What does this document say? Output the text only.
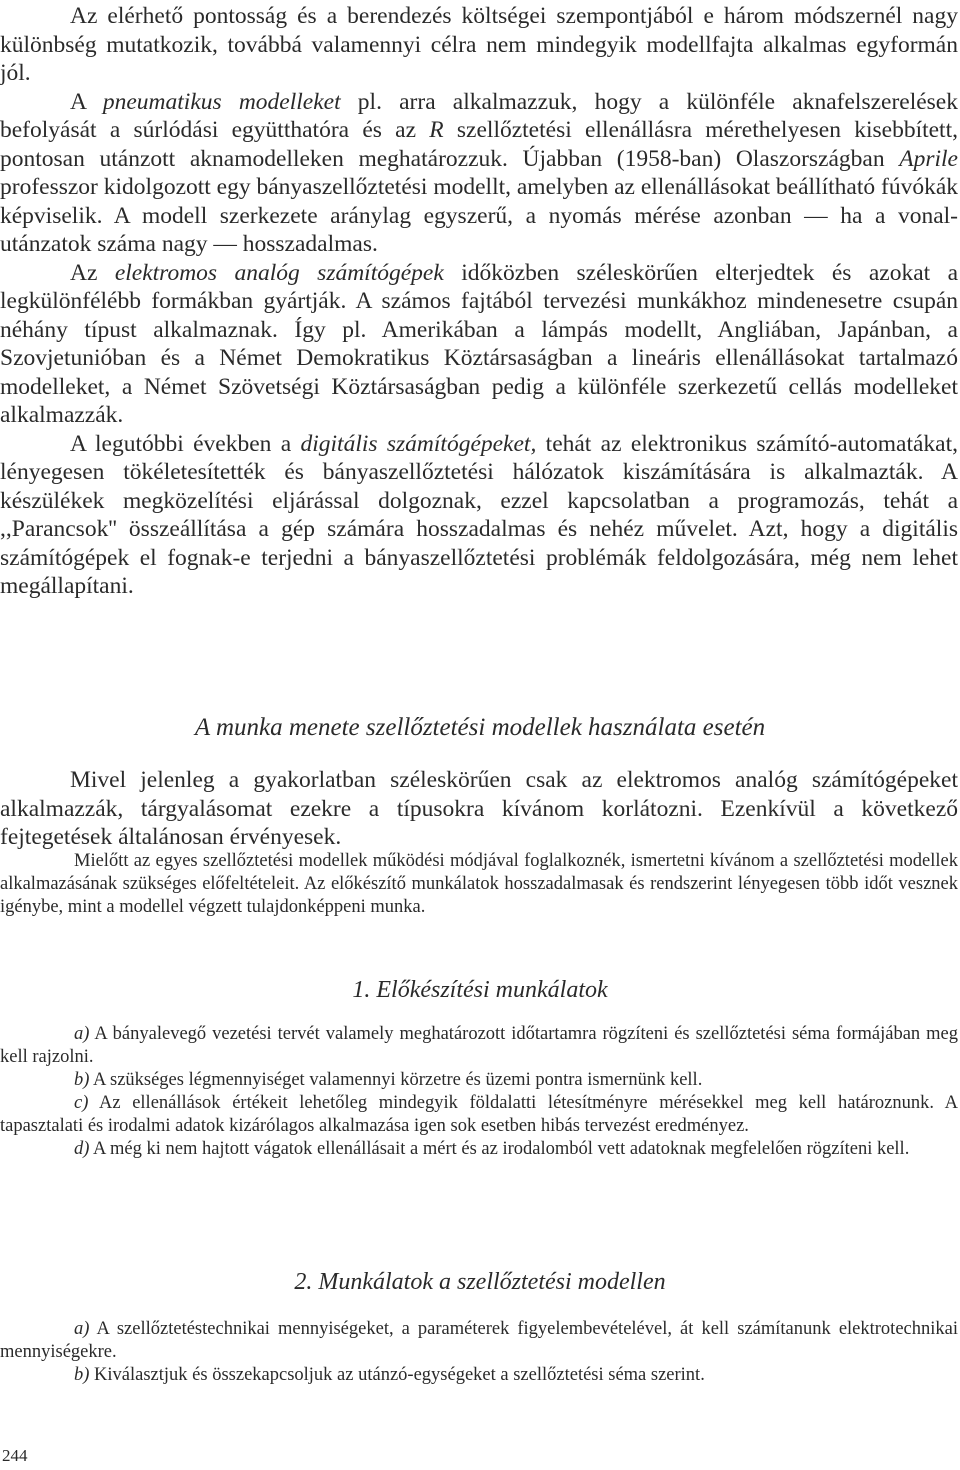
Az elérhető pontosság és a berendezés költségei szempontjából e három módszernél nagy különbség mutatkozik, továbbá valamennyi célra nem mindegyik modellfajta alkalmas egyformán jól.

A pneumatikus modelleket pl. arra alkalmazzuk, hogy a különféle aknafelszerelések befolyását a súrlódási együtthatóra és az R szellőztetési ellenállásra mérethelyesen kisebbített, pontosan utánzott aknamodelleken meghatározzuk. Újabban (1958-ban) Olaszországban Aprile professzor kidolgozott egy bányaszellőztetési modellt, amelyben az ellenállásokat beállítható fúvókák képviselik. A modell szerkezete aránylag egyszerű, a nyomás mérése azonban — ha a vonal-utánzatok száma nagy — hosszadalmas.

Az elektromos analóg számítógépek időközben széleskörűen elterjedtek és azokat a legkülönfélébb formákban gyártják. A számos fajtából tervezési munkákhoz mindenesetre csupán néhány típust alkalmaznak. Így pl. Amerikában a lámpás modellt, Angliában, Japánban, a Szovjetunióban és a Német Demokratikus Köztársaságban a lineáris ellenállásokat tartalmazó modelleket, a Német Szövetségi Köztársaságban pedig a különféle szerkezetű cellás modelleket alkalmazzák.

A legutóbbi években a digitális számítógépeket, tehát az elektronikus számító-automatákat, lényegesen tökéletesítették és bányaszellőztetési hálózatok kiszámítására is alkalmazták. A készülékek megközelítési eljárással dolgoznak, ezzel kapcsolatban a programozás, tehát a ,,Parancsok'' összeállítása a gép számára hosszadalmas és nehéz művelet. Azt, hogy a digitális számítógépek el fognak-e terjedni a bányaszellőztetési problémák feldolgozására, még nem lehet megállapítani.

A munka menete szellőztetési modellek használata esetén

Mivel jelenleg a gyakorlatban széleskörűen csak az elektromos analóg számítógépeket alkalmazzák, tárgyalásomat ezekre a típusokra kívánom korlátozni. Ezenkívül a következő fejtegetések általánosan érvényesek.

Mielőtt az egyes szellőztetési modellek működési módjával foglalkoznék, ismertetni kívánom a szellőztetési modellek alkalmazásának szükséges előfeltételeit. Az előkészítő munkálatok hosszadalmasak és rendszerint lényegesen több időt vesznek igénybe, mint a modellel végzett tulajdonképpeni munka.

1. Előkészítési munkálatok

a) A bányalevegő vezetési tervét valamely meghatározott időtartamra rögzíteni és szellőztetési séma formájában meg kell rajzolni.

b) A szükséges légmennyiséget valamennyi körzetre és üzemi pontra ismernünk kell.

c) Az ellenállások értékeit lehetőleg mindegyik földalatti létesítményre mérésekkel meg kell határoznunk. A tapasztalati és irodalmi adatok kizárólagos alkalmazása igen sok esetben hibás tervezést eredményez.

d) A még ki nem hajtott vágatok ellenállásait a mért és az irodalomból vett adatoknak megfelelően rögzíteni kell.

2. Munkálatok a szellőztetési modellen

a) A szellőztetéstechnikai mennyiségeket, a paraméterek figyelembevételével, át kell számítanunk elektrotechnikai mennyiségekre.

b) Kiválasztjuk és összekapcsoljuk az utánzó-egységeket a szellőztetési séma szerint.

244
